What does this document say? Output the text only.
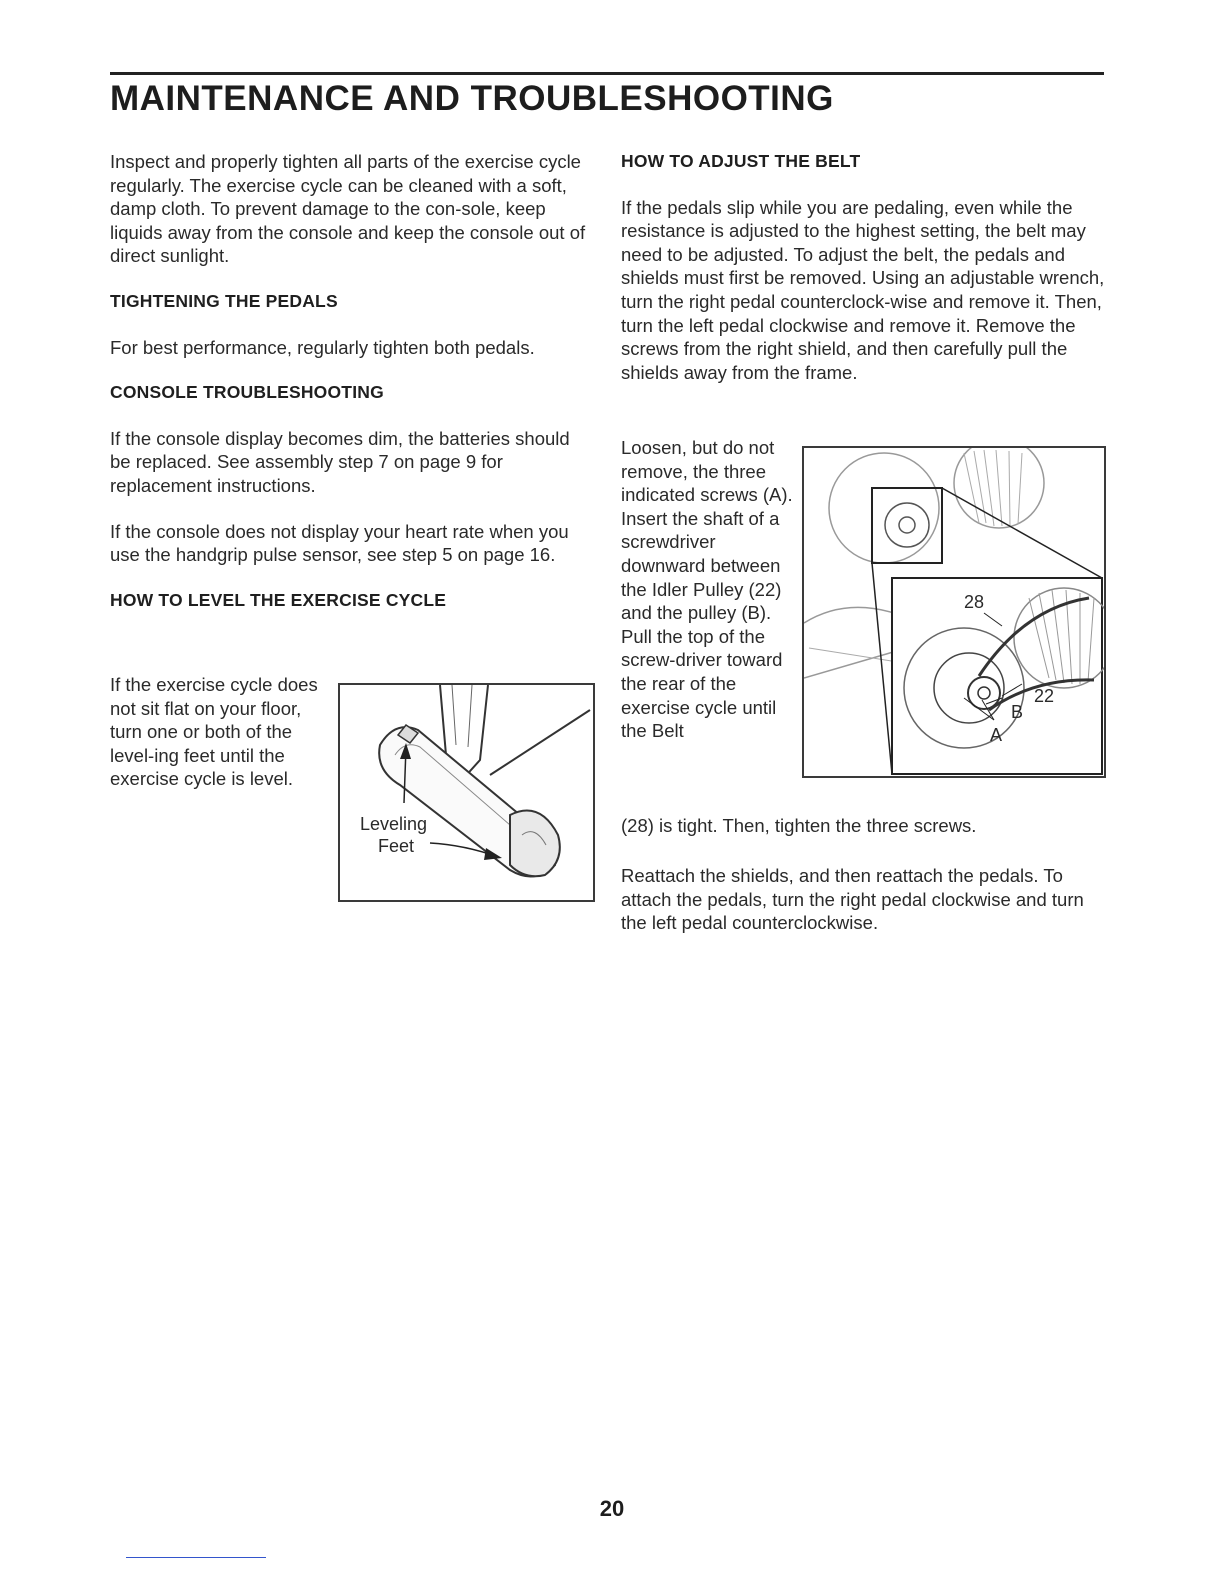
MAINTENANCE AND TROUBLESHOOTING

Inspect and properly tighten all parts of the exercise cycle regularly. The exercise cycle can be cleaned with a soft, damp cloth. To prevent damage to the con-sole, keep liquids away from the console and keep the console out of direct sunlight.

TIGHTENING THE PEDALS

For best performance, regularly tighten both pedals.

CONSOLE TROUBLESHOOTING

If the console display becomes dim, the batteries should be replaced. See assembly step 7 on page 9 for replacement instructions.

If the console does not display your heart rate when you use the handgrip pulse sensor, see step 5 on page 16.

HOW TO LEVEL THE EXERCISE CYCLE

If the exercise cycle does not sit flat on your floor, turn one or both of the level-ing feet until the exercise cycle is level.

Leveling
Feet
HOW TO ADJUST THE BELT

If the pedals slip while you are pedaling, even while the resistance is adjusted to the highest setting, the belt may need to be adjusted. To adjust the belt, the pedals and shields must first be removed. Using an adjustable wrench, turn the right pedal counterclock-wise and remove it. Then, turn the left pedal clockwise and remove it. Remove the screws from the right shield, and then carefully pull the shields away from the frame.

Loosen, but do not remove, the three indicated screws (A). Insert the shaft of a screwdriver downward between the Idler Pulley (22) and the pulley (B). Pull the top of the screw-driver toward the rear of the exercise cycle until the Belt

28
22
B
A

(28) is tight. Then, tighten the three screws.

Reattach the shields, and then reattach the pedals. To attach the pedals, turn the right pedal clockwise and turn the left pedal counterclockwise.

20
